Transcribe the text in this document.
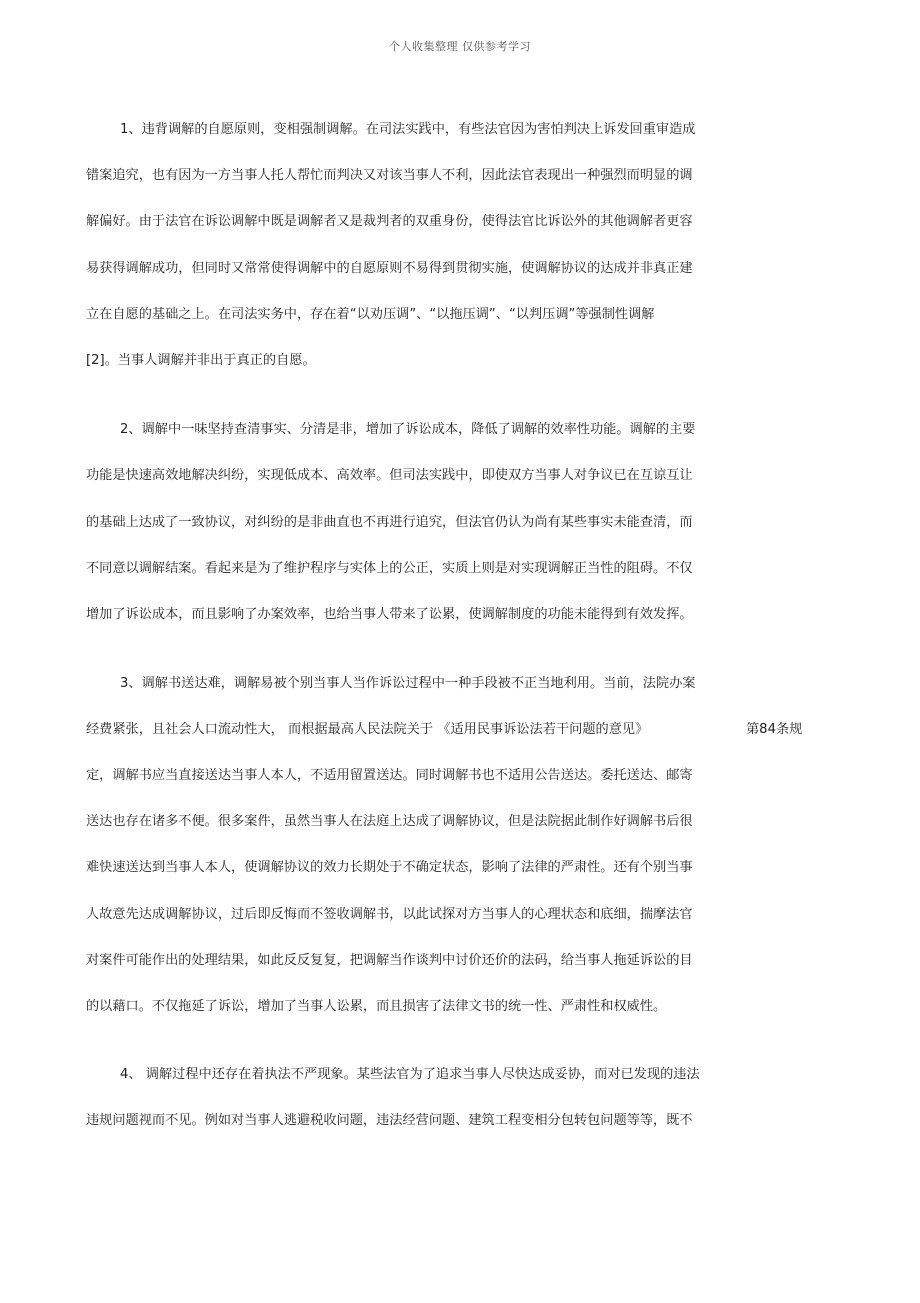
个人收集整理 仅供参考学习
1、违背调解的自愿原则，变相强制调解。在司法实践中，有些法官因为害怕判决上诉发回重审造成
错案追究，也有因为一方当事人托人帮忙而判决又对该当事人不利，因此法官表现出一种强烈而明显的调
解偏好。由于法官在诉讼调解中既是调解者又是裁判者的双重身份，使得法官比诉讼外的其他调解者更容
易获得调解成功，但同时又常常使得调解中的自愿原则不易得到贯彻实施，使调解协议的达成并非真正建
立在自愿的基础之上。在司法实务中，存在着“以劝压调”、“以拖压调”、“以判压调”等强制性调解
[2]。当事人调解并非出于真正的自愿。
2、调解中一味坚持查清事实、分清是非，增加了诉讼成本，降低了调解的效率性功能。调解的主要
功能是快速高效地解决纠纷，实现低成本、高效率。但司法实践中，即使双方当事人对争议已在互谅互让
的基础上达成了一致协议，对纠纷的是非曲直也不再进行追究，但法官仍认为尚有某些事实未能查清，而
不同意以调解结案。看起来是为了维护程序与实体上的公正，实质上则是对实现调解正当性的阻碍。不仅
增加了诉讼成本，而且影响了办案效率，也给当事人带来了讼累，使调解制度的功能未能得到有效发挥。
3、调解书送达难，调解易被个别当事人当作诉讼过程中一种手段被不正当地利用。当前，法院办案
经费紧张，且社会人口流动性大， 而根据最高人民法院关于 《适用民事诉讼法若干问题的意见》	第84条规
定，调解书应当直接送达当事人本人，不适用留置送达。同时调解书也不适用公告送达。委托送达、邮寄
送达也存在诸多不便。很多案件，虽然当事人在法庭上达成了调解协议，但是法院据此制作好调解书后很
难快速送达到当事人本人，使调解协议的效力长期处于不确定状态，影响了法律的严肃性。还有个别当事
人故意先达成调解协议，过后即反悔而不签收调解书，以此试探对方当事人的心理状态和底细，揣摩法官
对案件可能作出的处理结果，如此反反复复，把调解当作谈判中讨价还价的法码，给当事人拖延诉讼的目
的以藉口。不仅拖延了诉讼，增加了当事人讼累，而且损害了法律文书的统一性、严肃性和权威性。
4、 调解过程中还存在着执法不严现象。某些法官为了追求当事人尽快达成妥协，而对已发现的违法
违规问题视而不见。例如对当事人逃避税收问题，违法经营问题、建筑工程变相分包转包问题等等，既不
